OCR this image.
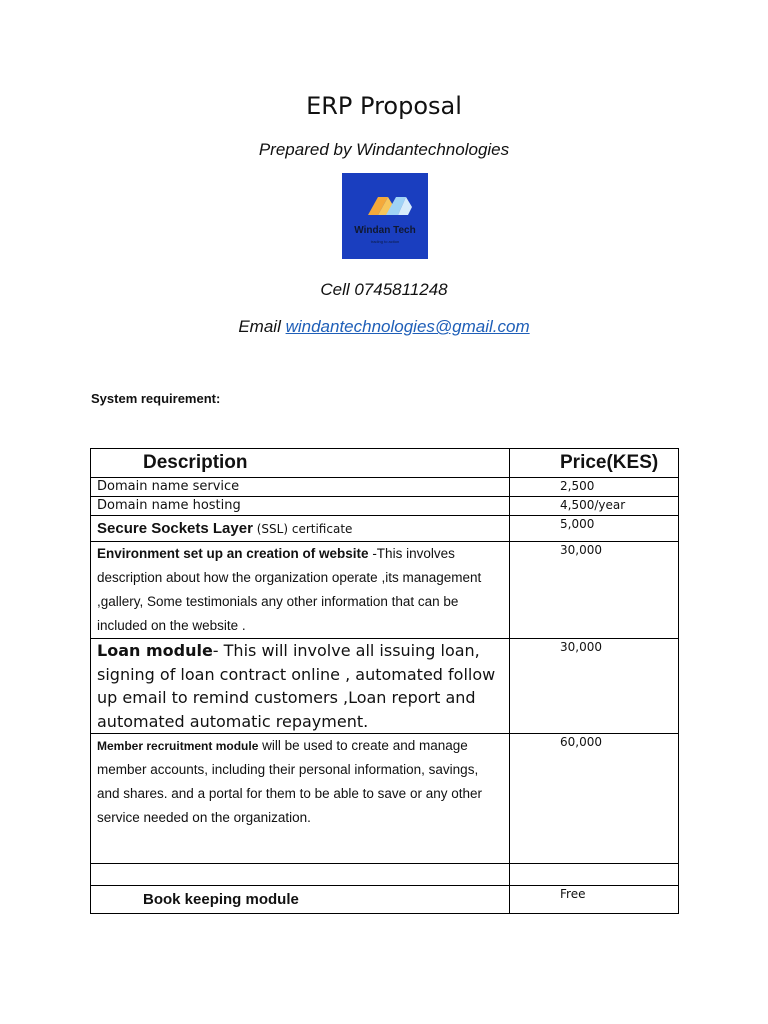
ERP Proposal
Prepared by Windantechnologies
Windan Tech
trading to action
Cell 0745811248
Email windantechnologies@gmail.com
System requirement:
Description	Price(KES)
Domain name service	2,500
Domain name hosting	4,500/year
Secure Sockets Layer (SSL) certificate	5,000
Environment set up an creation of website -This involves description about how the organization operate ,its management ,gallery, Some testimonials any other information that can be included on the website .	30,000
Loan module- This will involve all issuing loan, signing of loan contract online , automated follow up email to remind customers ,Loan report and automated automatic repayment.	30,000
Member recruitment module will be used to create and manage member accounts, including their personal information, savings, and shares. and a portal for them to be able to save or any other service needed on the organization.	60,000

Book keeping module	Free
